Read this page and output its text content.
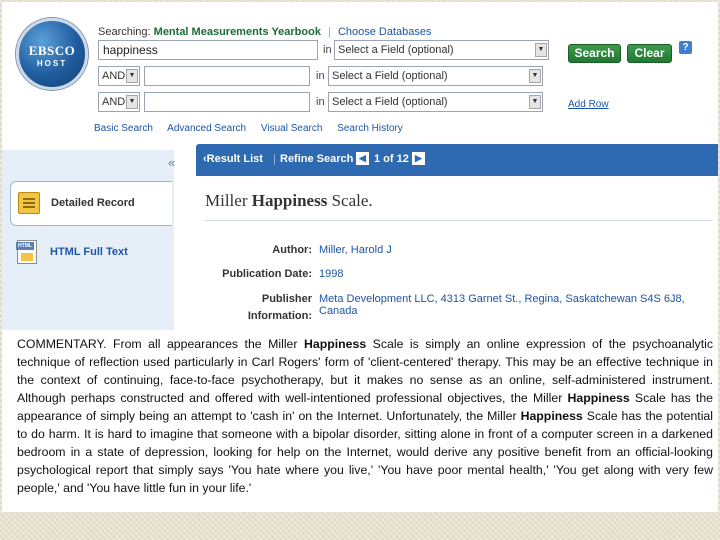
EBSCO
HOST
Searching: Mental Measurements Yearbook | Choose Databases
happiness	in Select a Field (optional)	▼
AND ▼	in Select a Field (optional)	▼
AND ▼	in Select a Field (optional)	▼
Search	Clear	?
Add Row
Basic Search Advanced Search Visual Search Search History
«
Detailed Record
HTML HTML Full Text
‹Result List | Refine Search ◀ 1 of 12 ▶
Miller Happiness Scale.
Author: Miller, Harold J
Publication Date: 1998
Publisher
Information:
Meta Development LLC, 4313 Garnet St., Regina, Saskatchewan S4S 6J8, Canada
COMMENTARY. From all appearances the Miller Happiness Scale is simply an online expression of the psychoanalytic technique of reflection used particularly in Carl Rogers' form of 'client-centered' therapy. This may be an effective technique in the context of continuing, face-to-face psychotherapy, but it makes no sense as an online, self-administered instrument. Although perhaps constructed and offered with well-intentioned professional objectives, the Miller Happiness Scale has the appearance of simply being an attempt to 'cash in' on the Internet. Unfortunately, the Miller Happiness Scale has the potential to do harm. It is hard to imagine that someone with a bipolar disorder, sitting alone in front of a computer screen in a darkened bedroom in a state of depression, looking for help on the Internet, would derive any positive benefit from an official-looking psychological report that simply says 'You hate where you live,' 'You have poor mental health,' 'You get along with very few people,' and 'You have little fun in your life.'
